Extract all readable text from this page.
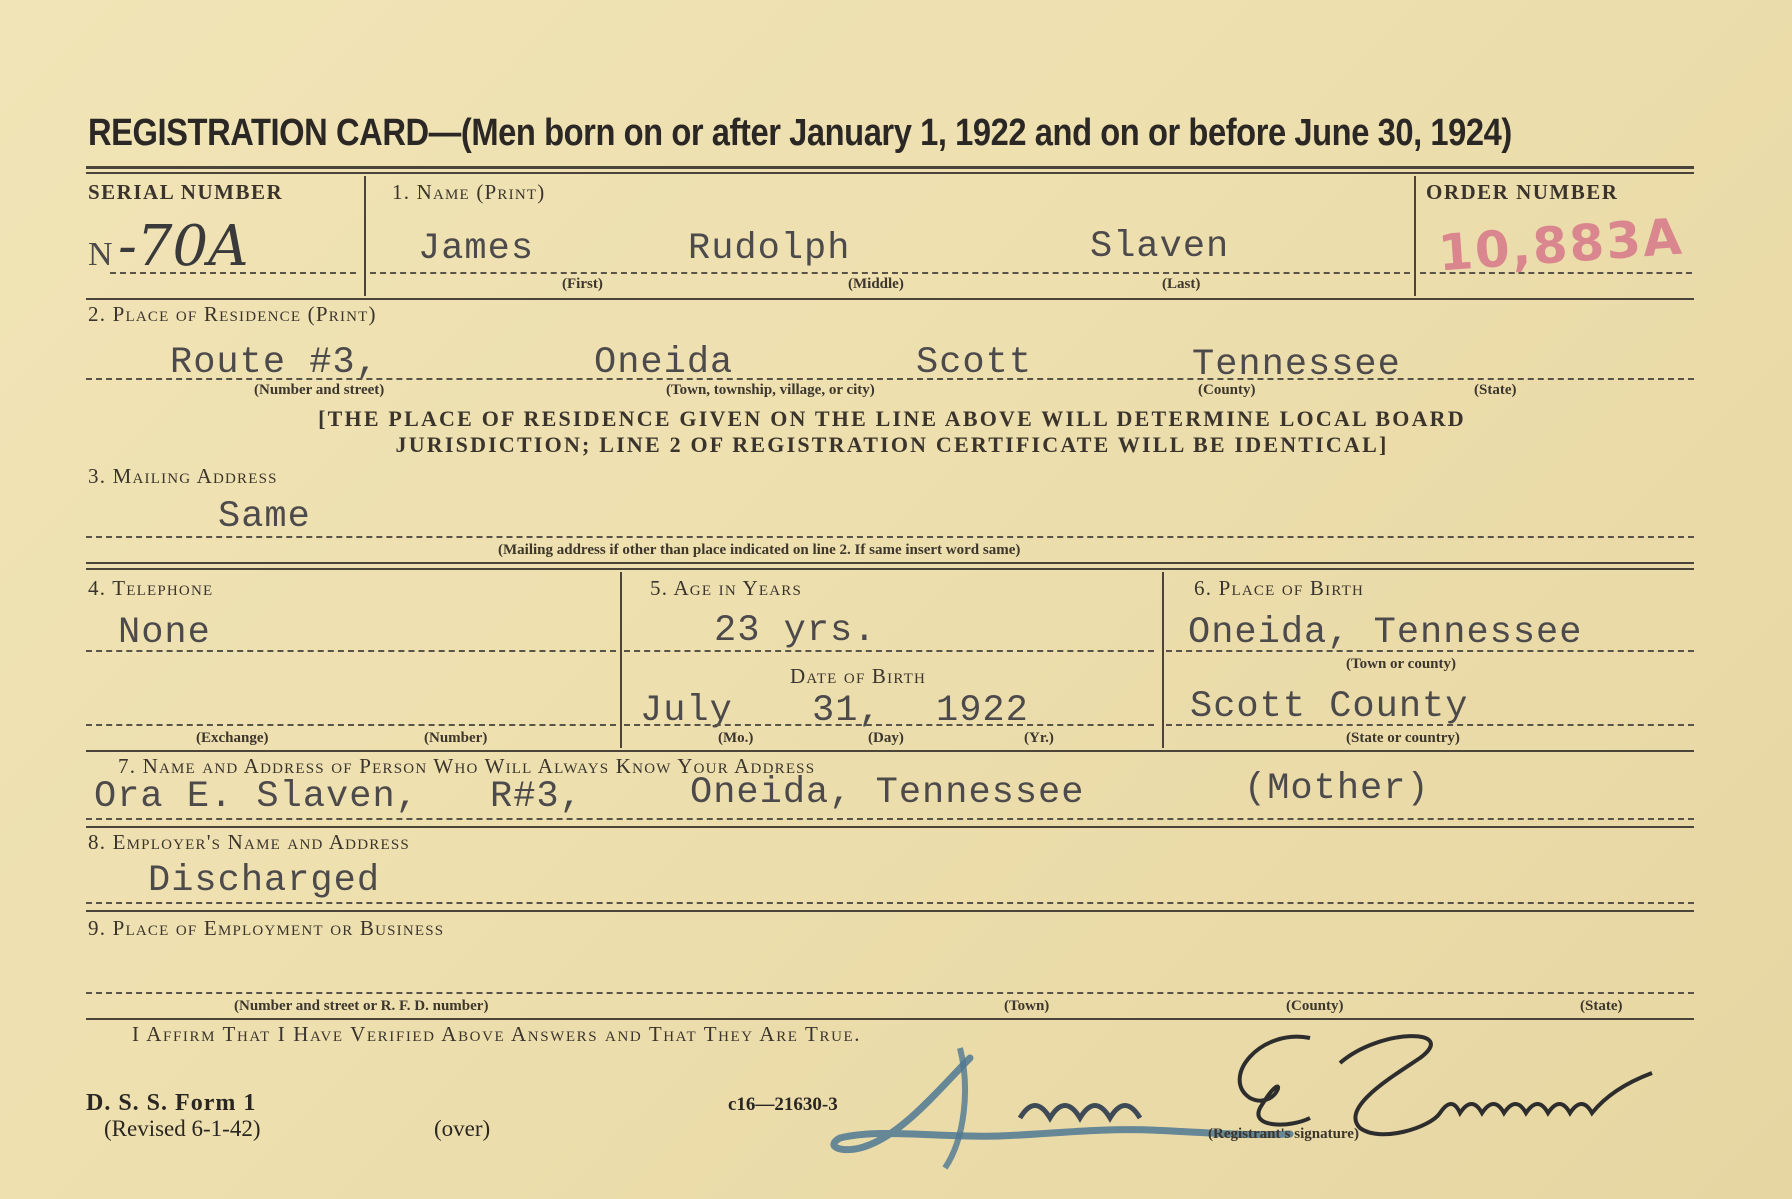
REGISTRATION CARD—(Men born on or after January 1, 1922 and on or before June 30, 1924)
SERIAL NUMBER
N -70A
1. Name (Print)
James	Rudolph	Slaven
(First)	(Middle)	(Last)
ORDER NUMBER
10,883A
2. Place of Residence (Print)
Route #3,	Oneida	Scott	Tennessee
(Number and street)	(Town, township, village, or city)	(County)	(State)
[THE PLACE OF RESIDENCE GIVEN ON THE LINE ABOVE WILL DETERMINE LOCAL BOARD
JURISDICTION; LINE 2 OF REGISTRATION CERTIFICATE WILL BE IDENTICAL]
3. Mailing Address
Same
(Mailing address if other than place indicated on line 2. If same insert word same)
4. Telephone
None
(Exchange)	(Number)
5. Age in Years
23 yrs.
Date of Birth
July 31, 1922
(Mo.)	(Day)	(Yr.)
6. Place of Birth
Oneida, Tennessee
(Town or county)
Scott County
(State or country)
7. Name and Address of Person Who Will Always Know Your Address
Ora E. Slaven, R#3,	Oneida, Tennessee	(Mother)
8. Employer's Name and Address
Discharged
9. Place of Employment or Business
(Number and street or R. F. D. number)	(Town)	(County)	(State)
I Affirm That I Have Verified Above Answers and That They Are True.
(Registrant's signature)
D. S. S. Form 1
(Revised 6-1-42)	(over)
c16—21630-3
